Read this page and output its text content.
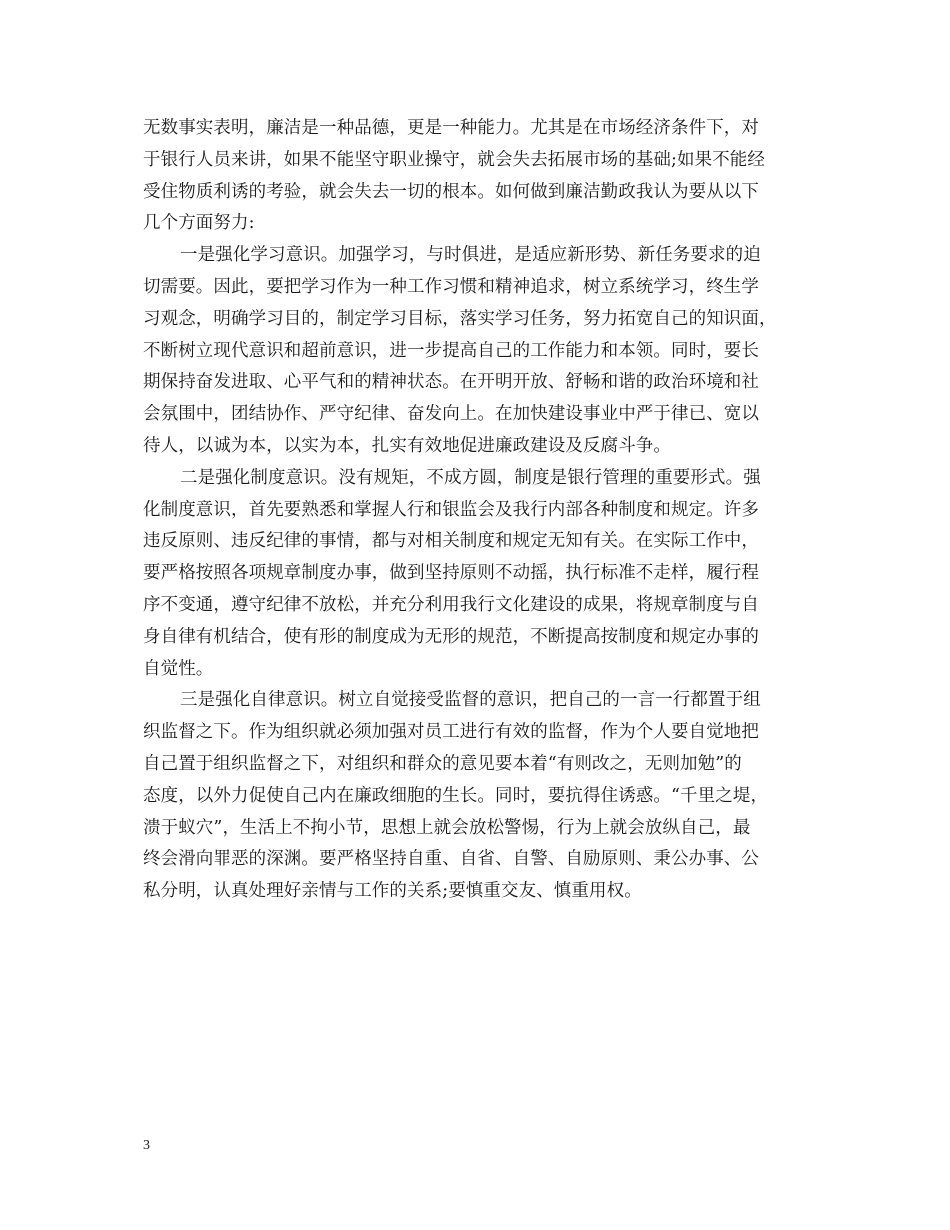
无数事实表明，廉洁是一种品德，更是一种能力。尤其是在市场经济条件下，对
于银行人员来讲，如果不能坚守职业操守，就会失去拓展市场的基础;如果不能经
受住物质利诱的考验，就会失去一切的根本。如何做到廉洁勤政我认为要从以下
几个方面努力:
一是强化学习意识。加强学习，与时俱进，是适应新形势、新任务要求的迫
切需要。因此，要把学习作为一种工作习惯和精神追求，树立系统学习，终生学
习观念，明确学习目的，制定学习目标，落实学习任务，努力拓宽自己的知识面，
不断树立现代意识和超前意识，进一步提高自己的工作能力和本领。同时，要长
期保持奋发进取、心平气和的精神状态。在开明开放、舒畅和谐的政治环境和社
会氛围中，团结协作、严守纪律、奋发向上。在加快建设事业中严于律已、宽以
待人，以诚为本，以实为本，扎实有效地促进廉政建设及反腐斗争。
二是强化制度意识。没有规矩，不成方圆，制度是银行管理的重要形式。强
化制度意识，首先要熟悉和掌握人行和银监会及我行内部各种制度和规定。许多
违反原则、违反纪律的事情，都与对相关制度和规定无知有关。在实际工作中，
要严格按照各项规章制度办事，做到坚持原则不动摇，执行标准不走样，履行程
序不变通，遵守纪律不放松，并充分利用我行文化建设的成果，将规章制度与自
身自律有机结合，使有形的制度成为无形的规范，不断提高按制度和规定办事的
自觉性。
三是强化自律意识。树立自觉接受监督的意识，把自己的一言一行都置于组
织监督之下。作为组织就必须加强对员工进行有效的监督，作为个人要自觉地把
自己置于组织监督之下，对组织和群众的意见要本着“有则改之，无则加勉”的
态度，以外力促使自己内在廉政细胞的生长。同时，要抗得住诱惑。“千里之堤，
溃于蚁穴”，生活上不拘小节，思想上就会放松警惕，行为上就会放纵自己，最
终会滑向罪恶的深渊。要严格坚持自重、自省、自警、自励原则、秉公办事、公
私分明，认真处理好亲情与工作的关系;要慎重交友、慎重用权。
3
